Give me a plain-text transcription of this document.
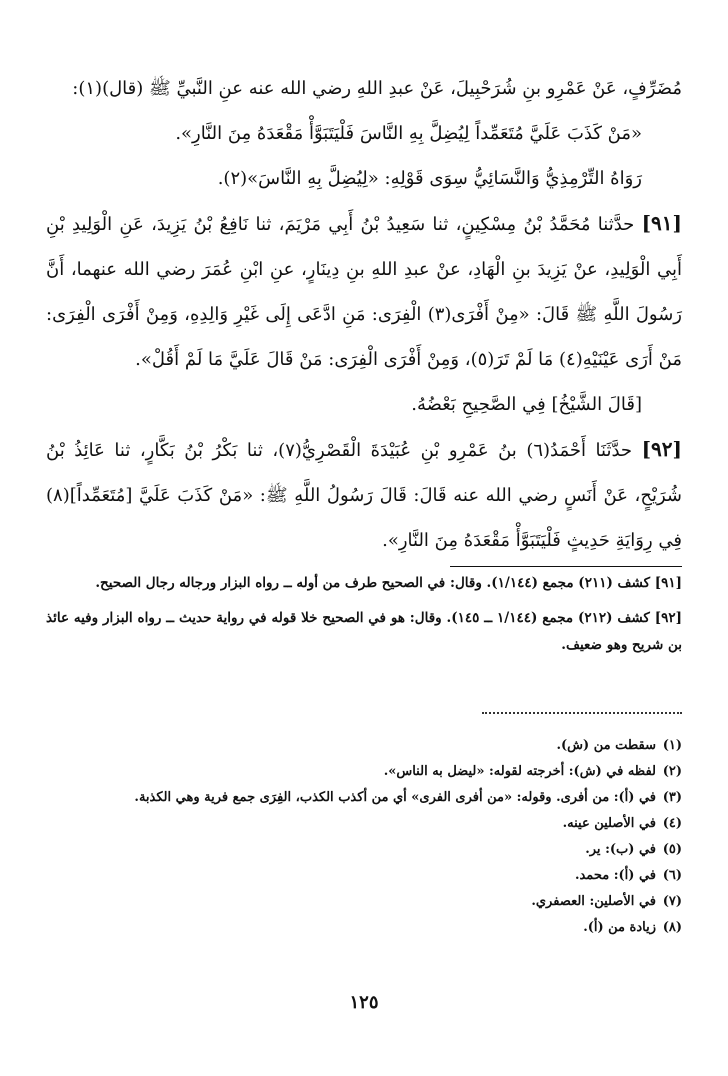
مُضَرِّفٍ، عَنْ عَمْرِو بنِ شُرَحْبِيلَ، عَنْ عبدِ اللهِ رضي الله عنه عنِ النَّبيِّ ﷺ (قال)(١):

«مَنْ كَذَبَ عَلَيَّ مُتَعَمِّداً لِيُضِلَّ بِهِ النَّاسَ فَلْيَتَبَوَّأْ مَقْعَدَهُ مِنَ النَّارِ».

رَوَاهُ التِّرْمِذِيُّ وَالنَّسَائِيُّ سِوَى قَوْلِهِ: «لِيُضِلَّ بِهِ النَّاسَ»(٢).

[٩١] حدَّثنا مُحَمَّدُ بْنُ مِسْكِينٍ، ثنا سَعِيدُ بْنُ أَبِي مَرْيَمَ، ثنا نَافِعُ بْنُ يَزِيدَ، عَنِ الْوَلِيدِ بْنِ أَبِي الْوَلِيدِ، عنْ يَزِيدَ بنِ الْهَادِ، عنْ عبدِ اللهِ بنِ دِينَارٍ، عنِ ابْنِ عُمَرَ رضي الله عنهما، أَنَّ رَسُولَ اللَّهِ ﷺ قَالَ: «مِنْ أَفْرَى(٣) الْفِرَى: مَنِ ادَّعَى إِلَى غَيْرِ وَالِدِهِ، وَمِنْ أَفْرَى الْفِرَى: مَنْ أَرَى عَيْنَيْهِ(٤) مَا لَمْ تَرَ(٥)، وَمِنْ أَفْرَى الْفِرَى: مَنْ قَالَ عَلَيَّ مَا لَمْ أَقُلْ».

[قَالَ الشَّيْخُ] فِي الصَّحِيحِ بَعْضُهُ.

[٩٢] حدَّثَنَا أَحْمَدُ(٦) بنُ عَمْرِو بْنِ عُبَيْدَةَ الْقَصْرِيُّ(٧)، ثنا بَكْرُ بْنُ بَكَّارٍ، ثنا عَائِذُ بْنُ شُرَيْحٍ، عَنْ أَنَسٍ رضي الله عنه قَالَ: قَالَ رَسُولُ اللَّهِ ﷺ: «مَنْ كَذَبَ عَلَيَّ [مُتَعَمِّداً](٨) فِي رِوَايَةِ حَدِيثٍ فَلْيَتَبَوَّأْ مَقْعَدَهُ مِنَ النَّارِ».

[٩١] كشف (٢١١) مجمع (١/١٤٤). وقال: في الصحيح طرف من أوله ــ رواه البزار ورجاله رجال الصحيح.

[٩٢] كشف (٢١٢) مجمع (١/١٤٤ ــ ١٤٥). وقال: هو في الصحيح خلا قوله في رواية حديث ــ رواه البزار وفيه عائذ بن شريح وهو ضعيف.

(١)
سقطت من (ش).
(٢)
لفظه في (ش): أخرجته لقوله: «ليضل به الناس».
(٣)
في (أ): من أفرى. وقوله: «من أفرى الفرى» أي من أكذب الكذب، الفِرَى جمع فرية وهي الكذبة.
(٤)
في الأصلين عينه.
(٥)
في (ب): ير.
(٦)
في (أ): محمد.
(٧)
في الأصلين: العصفري.
(٨)
زيادة من (أ).
١٢٥
